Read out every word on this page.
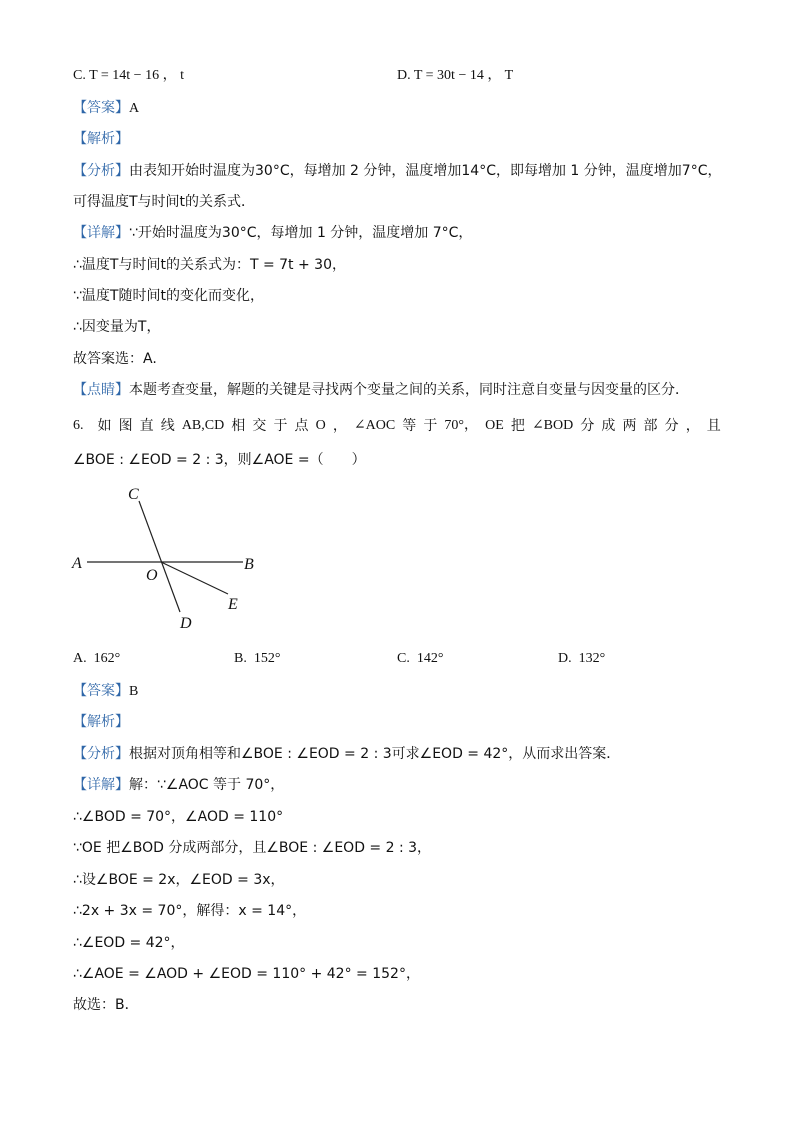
C. T = 14t − 16 ， t	D. T = 30t − 14 ， T
【答案】A
【解析】
【分析】由表知开始时温度为30°C，每增加 2 分钟，温度增加14°C，即每增加 1 分钟，温度增加7°C，
可得温度T与时间t的关系式．
【详解】∵开始时温度为30°C，每增加 1 分钟，温度增加 7°C，
∴温度T与时间t的关系式为：T = 7t + 30，
∵温度T随时间t的变化而变化，
∴因变量为T，
故答案选：A.
【点睛】本题考查变量，解题的关键是寻找两个变量之间的关系，同时注意自变量与因变量的区分．
6. 如 图 直 线 AB,CD 相 交 于 点 O ， ∠AOC 等 于 70°， OE 把 ∠BOD 分 成 两 部 分 ， 且
∠BOE : ∠EOD = 2 : 3，则∠AOE =（　　）
C
A	B
O
E
D
A. 162°	B. 152°	C. 142°	D. 132°
【答案】B
【解析】
【分析】根据对顶角相等和∠BOE : ∠EOD = 2 : 3可求∠EOD = 42°，从而求出答案．
【详解】解：∵∠AOC 等于 70°，
∴∠BOD = 70°，∠AOD = 110°
∵OE 把∠BOD 分成两部分，且∠BOE : ∠EOD = 2 : 3，
∴设∠BOE = 2x，∠EOD = 3x，
∴2x + 3x = 70°，解得：x = 14°，
∴∠EOD = 42°，
∴∠AOE = ∠AOD + ∠EOD = 110° + 42° = 152°，
故选：B．
